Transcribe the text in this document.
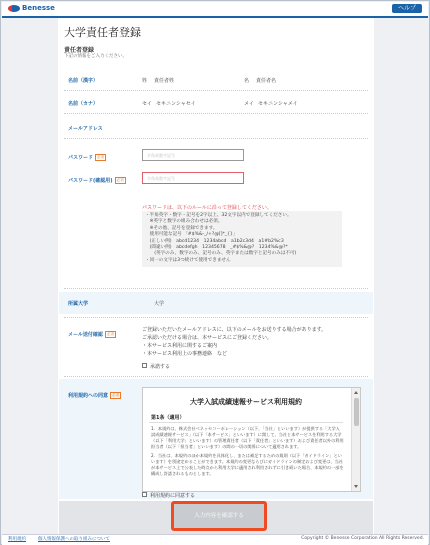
Benesse	ヘルプ
大学責任者登録
責任者登録
下記の情報をご入力ください。
名前（漢字）	姓 責任者姓	名 責任者名
名前（カナ）	セイ セキニンシャセイ	メイ セキニンシャメイ
メールアドレス
パスワード 必須	半角英数字記号
パスワード(確認用) 必須	半角英数字記号
パスワードは、以下のルールに沿って登録してください。
・半角英字・数字・記号を2字以上、32文字以内で登録してください。
　※英字と数字の組み合わせは必須。
　※その他、記号を登録できます。
　使用可能な記号 「#$%&-_/+?@[]*_{}」
　(正しい例)　abcd1234　1234abcd　a1b2c3d4　a1#b2%c3
　(間違い例)　abcdefgh　12345678　_#$%&@?　1234%&@?*
　　(英字のみ、数字のみ、記号のみ、英字または数字と記号のみは不可)
・同一の文字は3つ続けて使用できません
所属大学	大学
メール送付確認 必須
ご登録いただいたメールアドレスに、以下のメールをお送りする場合があります。
ご承認いただける場合は、本サービスにご登録ください。
・本サービス利用に関するご案内
・本サービス利用上の事務連絡　など
承諾する
利用規約への同意 必須
大学入試成績速報サービス利用規約
第1条（適用）
1．本規約は、株式会社ベネッセコーポレーション（以下、「当社」といいます）が提供する「大学入試成績速報サービス」（以下「本サービス」といいます）に関して、当社と本サービスを利用する大学（以下「利用大学」といいます）の管理責任者（以下「責任者」といいます）および責任者以外の利用担当者（以下「担当者」といいます）の間の一切の関係について適用されます。
2．当社は、本規約のほか本規約を具体化し、または補足するための規則（以下「ガイドライン」といいます）を別途定めることができます。本規約の変更ならびにガイドラインの制定および変更は、当社が本サービス上で公表した時点から利用大学に適用され利用されずに引き続いた場合、本規約の一部を構成し許諾されるものとします。
利用規約に同意する
入力内容を確認する
利用規約	個人情報保護への取り組みについて	Copyright © Benesse Corporation All Rights Reserved.
